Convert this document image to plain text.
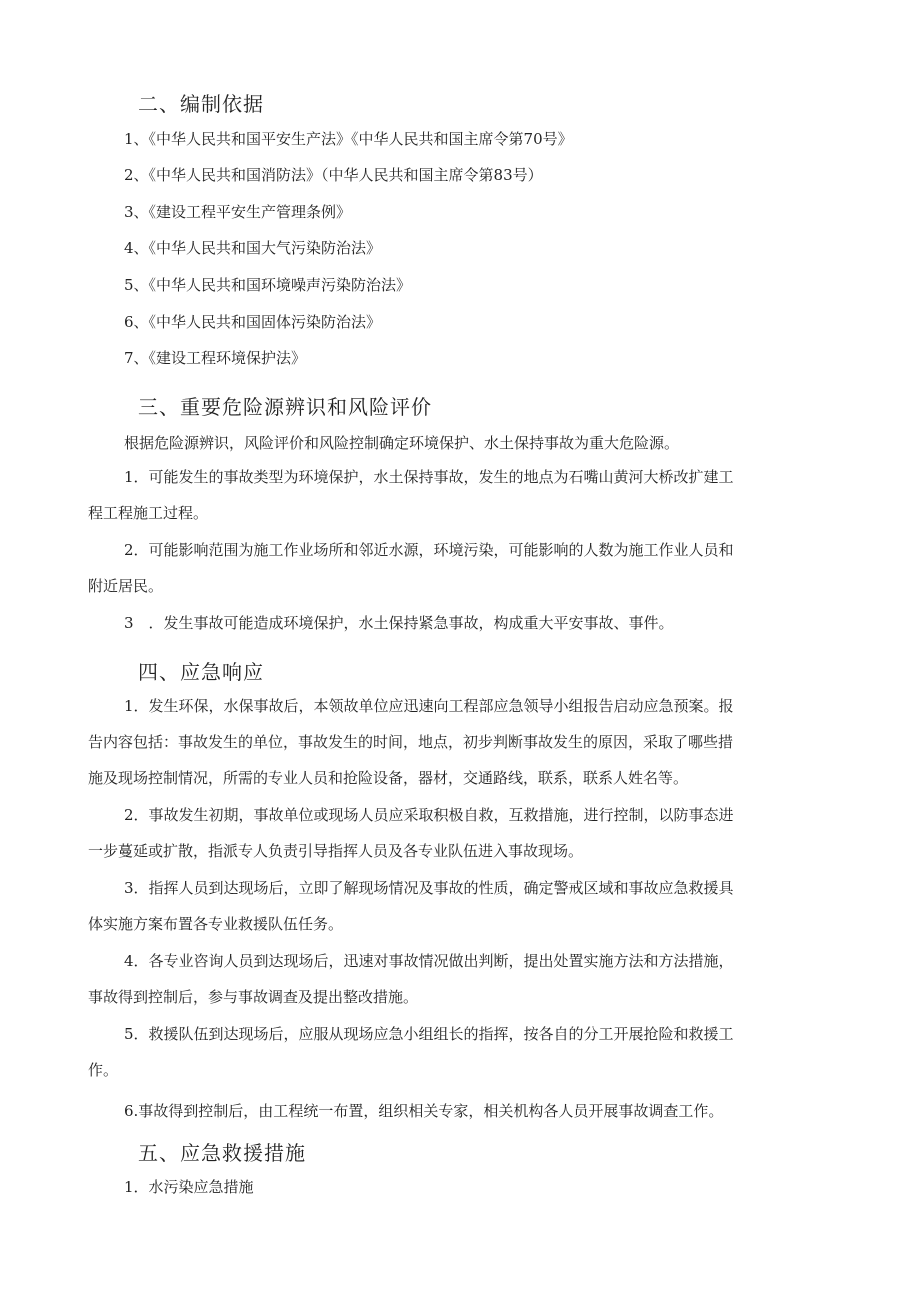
二、编制依据
1、《中华人民共和国平安生产法》《中华人民共和国主席令第70号》
2、《中华人民共和国消防法》（中华人民共和国主席令第83号）
3、《建设工程平安生产管理条例》
4、《中华人民共和国大气污染防治法》
5、《中华人民共和国环境噪声污染防治法》
6、《中华人民共和国固体污染防治法》
7、《建设工程环境保护法》
三、重要危险源辨识和风险评价
根据危险源辨识，风险评价和风险控制确定环境保护、水土保持事故为重大危险源。
1．可能发生的事故类型为环境保护，水土保持事故，发生的地点为石嘴山黄河大桥改扩建工
程工程施工过程。
2．可能影响范围为施工作业场所和邻近水源，环境污染，可能影响的人数为施工作业人员和
附近居民。
3　．发生事故可能造成环境保护，水土保持紧急事故，构成重大平安事故、事件。
四、应急响应
1．发生环保，水保事故后，本领故单位应迅速向工程部应急领导小组报告启动应急预案。报
告内容包括：事故发生的单位，事故发生的时间，地点，初步判断事故发生的原因，采取了哪些措
施及现场控制情况，所需的专业人员和抢险设备，器材，交通路线，联系，联系人姓名等。
2．事故发生初期，事故单位或现场人员应采取积极自救，互救措施，进行控制，以防事态进
一步蔓延或扩散，指派专人负责引导指挥人员及各专业队伍进入事故现场。
3．指挥人员到达现场后，立即了解现场情况及事故的性质，确定警戒区域和事故应急救援具
体实施方案布置各专业救援队伍任务。
4．各专业咨询人员到达现场后，迅速对事故情况做出判断，提出处置实施方法和方法措施，
事故得到控制后，参与事故调查及提出整改措施。
5．救援队伍到达现场后，应服从现场应急小组组长的指挥，按各自的分工开展抢险和救援工
作。
6.事故得到控制后，由工程统一布置，组织相关专家，相关机构各人员开展事故调查工作。
五、应急救援措施
1．水污染应急措施
